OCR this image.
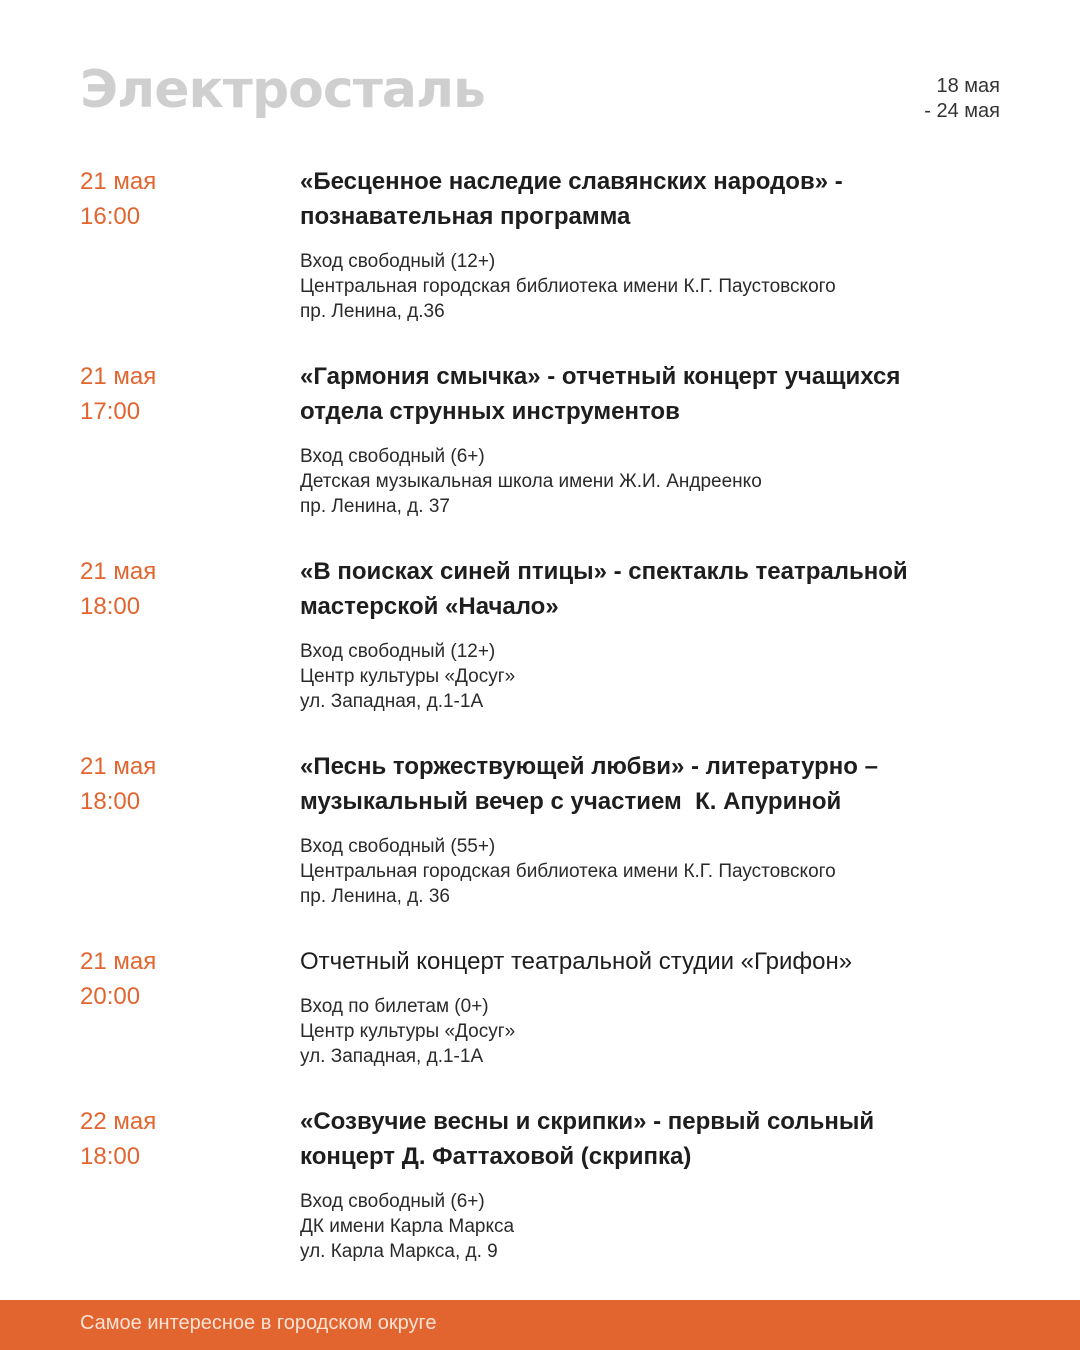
Электросталь	18 мая
- 24 мая
21 мая
16:00
«Бесценное наследие славянских народов» -
познавательная программа
Вход свободный (12+)
Центральная городская библиотека имени К.Г. Паустовского
пр. Ленина, д.36
21 мая
17:00
«Гармония смычка» - отчетный концерт учащихся
отдела струнных инструментов
Вход свободный (6+)
Детская музыкальная школа имени Ж.И. Андреенко
пр. Ленина, д. 37
21 мая
18:00
«В поисках синей птицы» - спектакль театральной
мастерской «Начало»
Вход свободный (12+)
Центр культуры «Досуг»
ул. Западная, д.1-1А
21 мая
18:00
«Песнь торжествующей любви» - литературно –
музыкальный вечер с участием  К. Апуриной
Вход свободный (55+)
Центральная городская библиотека имени К.Г. Паустовского
пр. Ленина, д. 36
21 мая
20:00
Отчетный концерт театральной студии «Грифон»
Вход по билетам (0+)
Центр культуры «Досуг»
ул. Западная, д.1-1А
22 мая
18:00
«Созвучие весны и скрипки» - первый сольный
концерт Д. Фаттаховой (скрипка)
Вход свободный (6+)
ДК имени Карла Маркса
ул. Карла Маркса, д. 9
Самое интересное в городском округе
